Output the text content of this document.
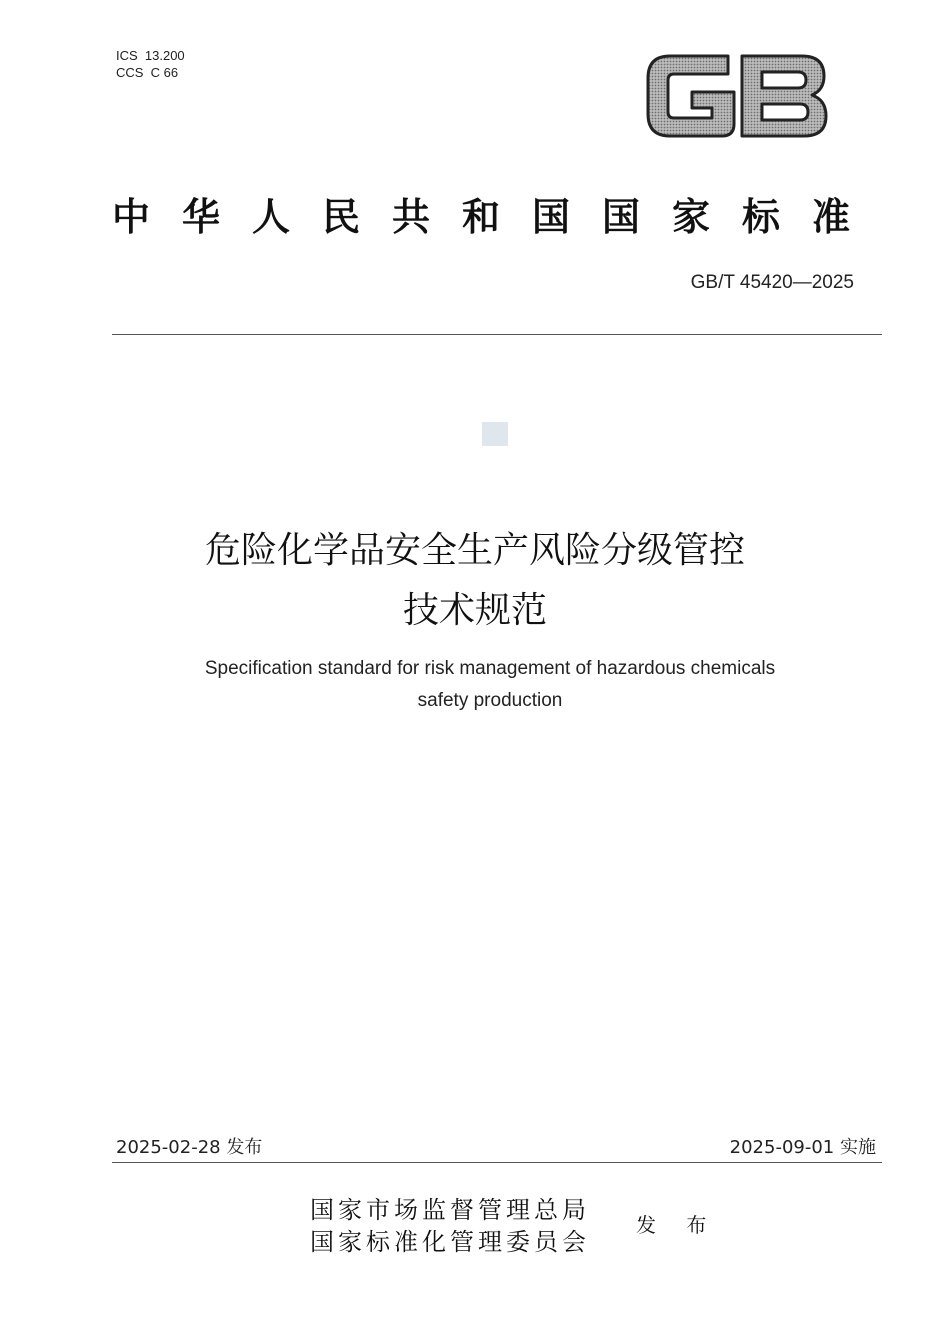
ICS  13.200
CCS  C 66
中华人民共和国国家标准
GB/T 45420—2025
危险化学品安全生产风险分级管控
技术规范
Specification standard for risk management of hazardous chemicals
safety production
2025-02-28 发布	2025-09-01 实施
国家市场监督管理总局
国家标准化管理委员会
发 布
